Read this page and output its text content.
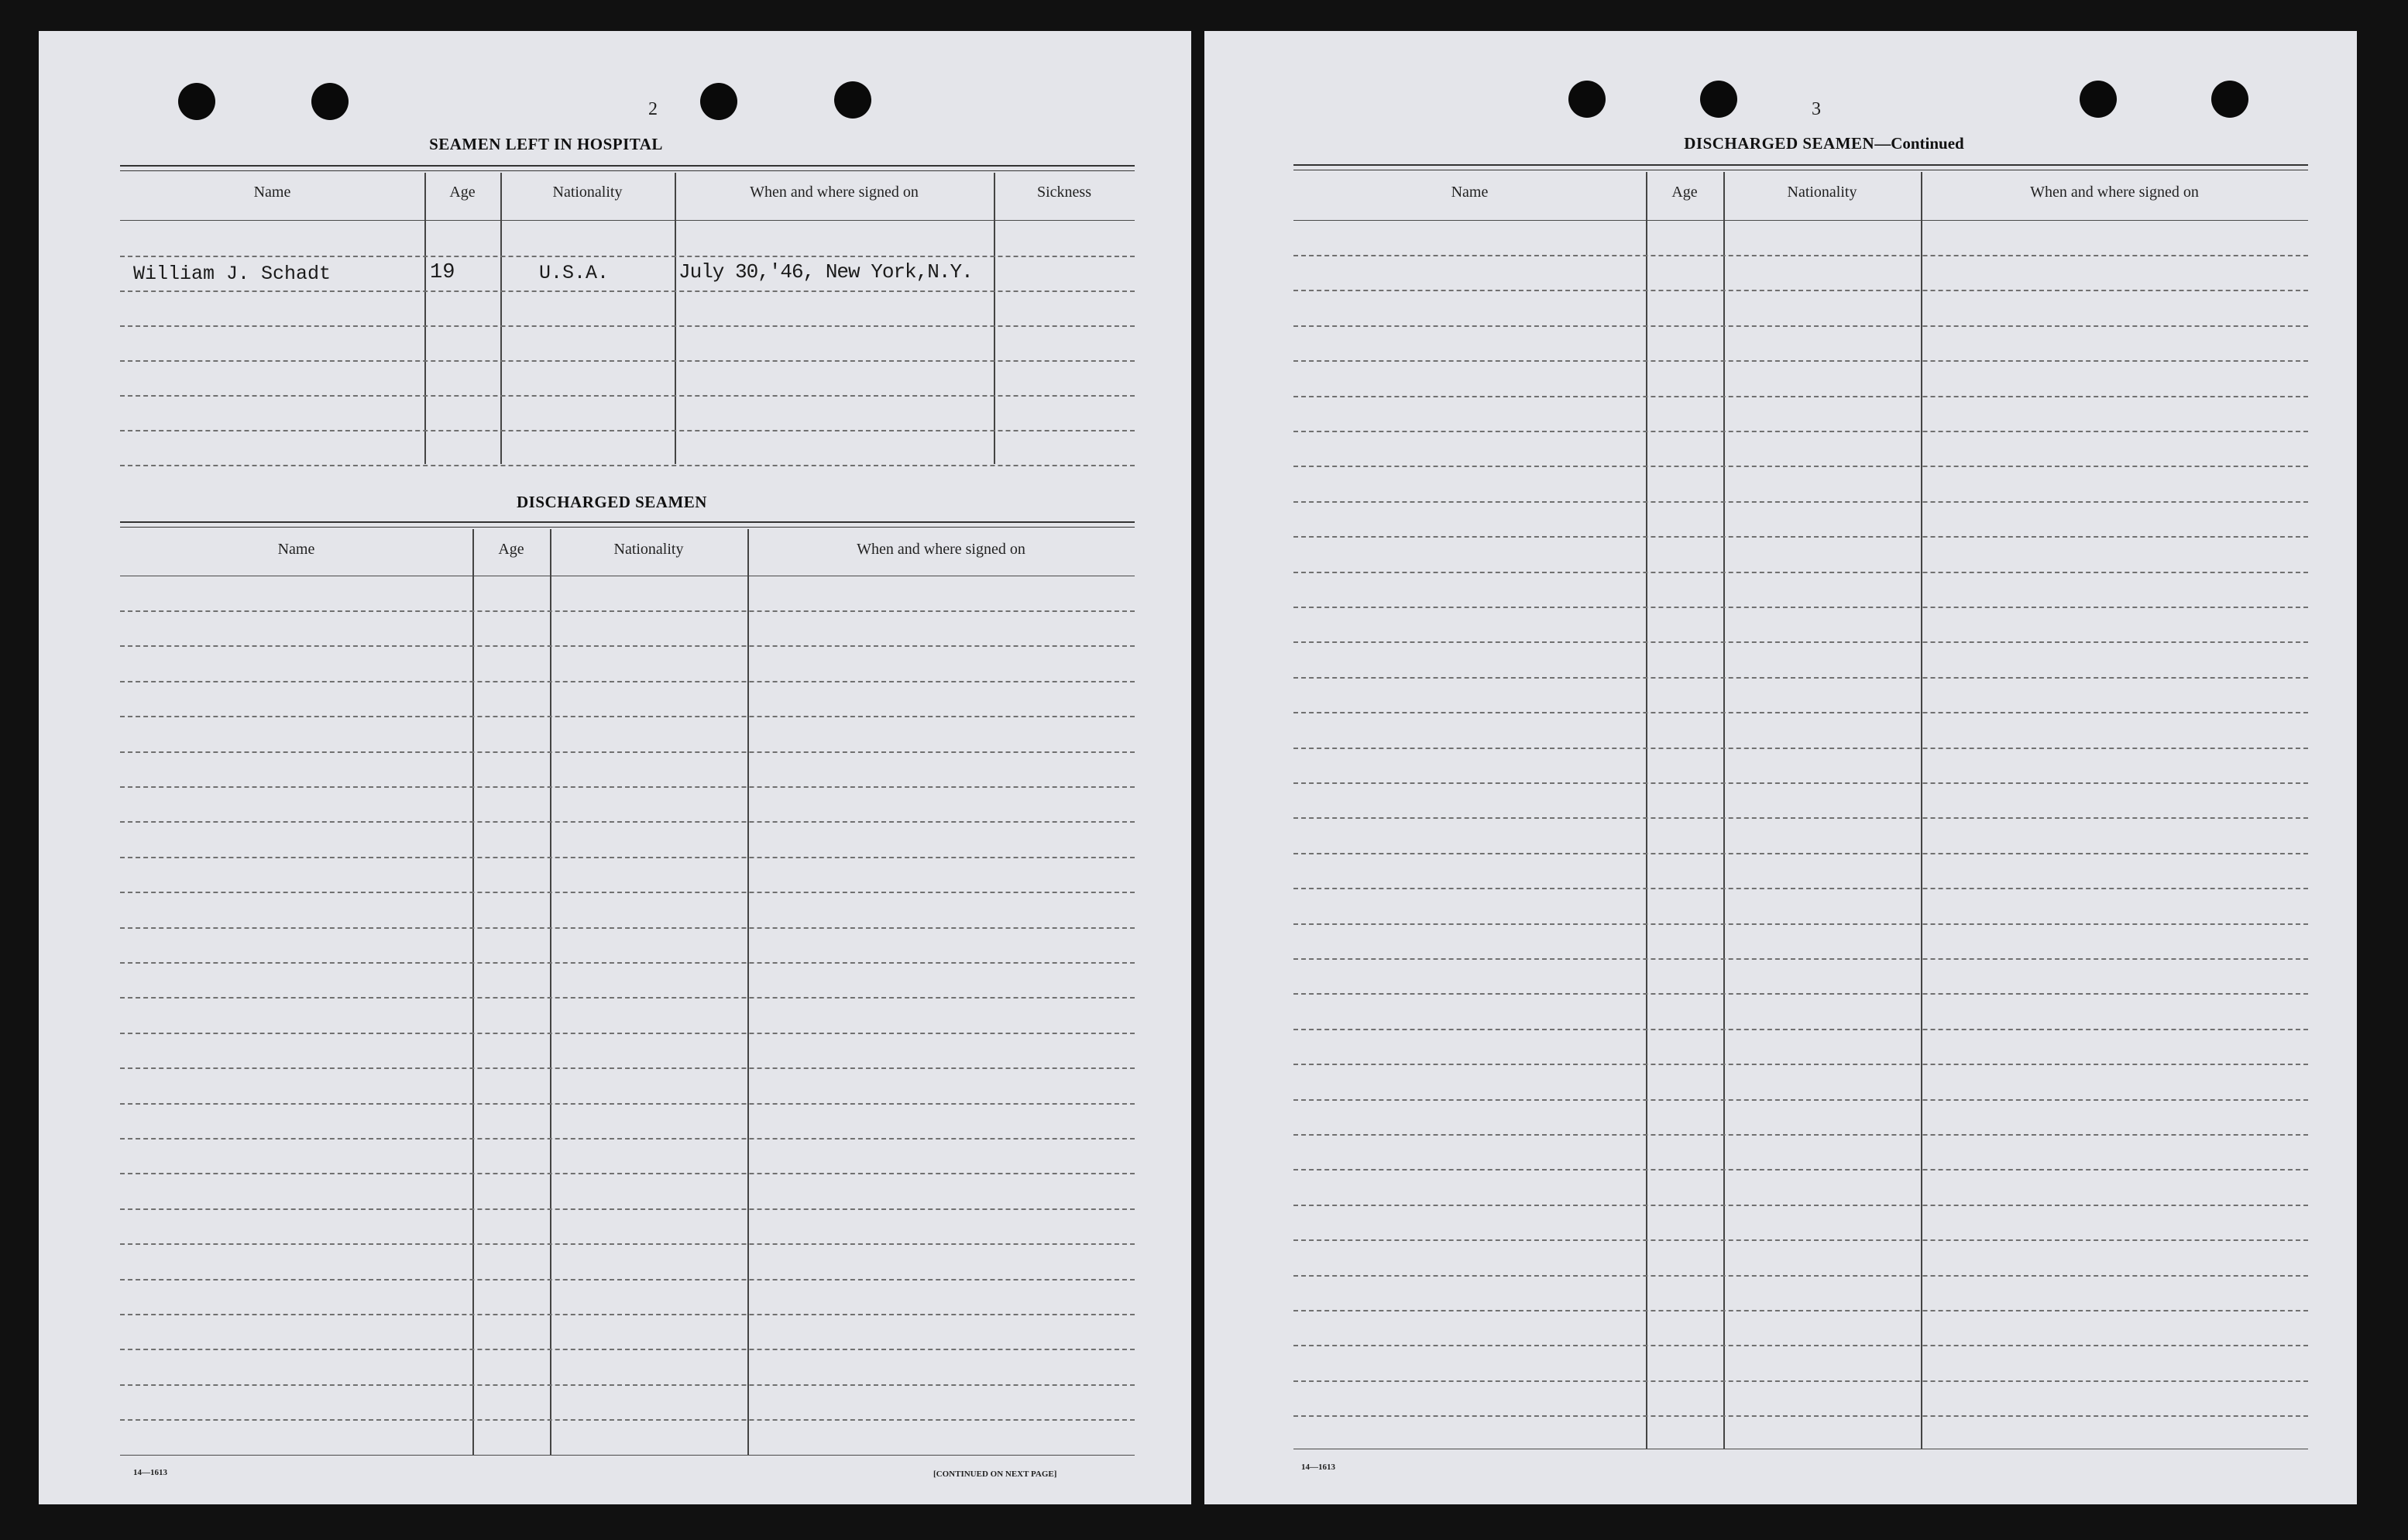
2
SEAMEN LEFT IN HOSPITAL
Name	Age	Nationality	When and where signed on	Sickness
William J. Schadt	19	U.S.A.	July 30,'46, New York,N.Y.
DISCHARGED SEAMEN
Name	Age	Nationality	When and where signed on
14—1613	[CONTINUED ON NEXT PAGE]
3
DISCHARGED SEAMEN—Continued
Name	Age	Nationality	When and where signed on
14—1613
